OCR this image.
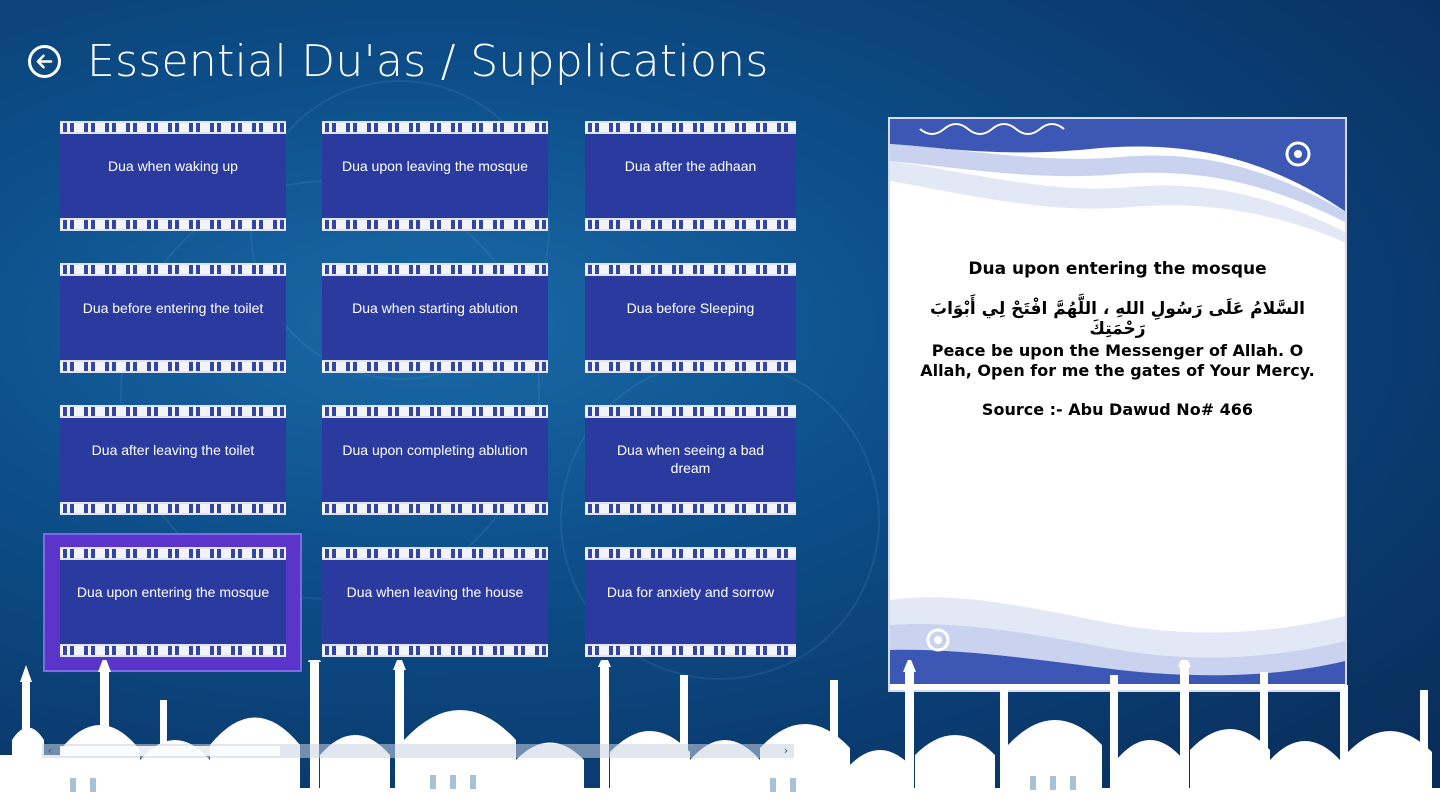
Essential Du'as / Supplications
Dua when waking up	Dua upon leaving the mosque	Dua after the adhaan
Dua before entering the toilet	Dua when starting ablution	Dua before Sleeping
Dua after leaving the toilet	Dua upon completing ablution	Dua when seeing a bad dream
Dua upon entering the mosque	Dua when leaving the house	Dua for anxiety and sorrow
Dua upon entering the mosque
السَّلامُ عَلَى رَسُولِ اللهِ ، اللَّهُمَّ افْتَحْ لِي أَبْوَابَ رَحْمَتِكَ
Peace be upon the Messenger of Allah. O Allah, Open for me the gates of Your Mercy.
Source :- Abu Dawud No# 466
‹	›
